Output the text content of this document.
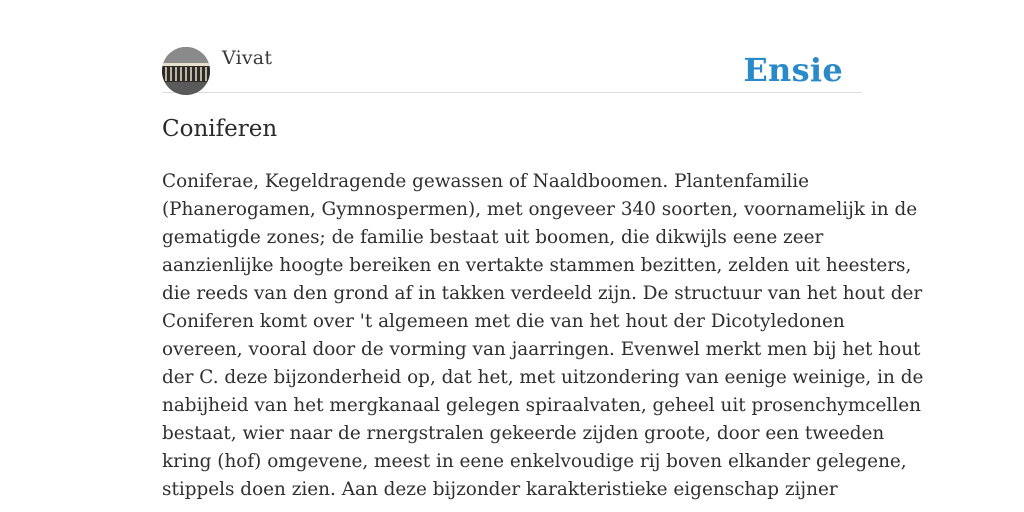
Vivat	Ensie
Coniferen
Coniferae, Kegeldragende gewassen of Naaldboomen. Plantenfamilie
(Phanerogamen, Gymnospermen), met ongeveer 340 soorten, voornamelijk in de
gematigde zones; de familie bestaat uit boomen, die dikwijls eene zeer
aanzienlijke hoogte bereiken en vertakte stammen bezitten, zelden uit heesters,
die reeds van den grond af in takken verdeeld zijn. De structuur van het hout der
Coniferen komt over 't algemeen met die van het hout der Dicotyledonen
overeen, vooral door de vorming van jaarringen. Evenwel merkt men bij het hout
der C. deze bijzonderheid op, dat het, met uitzondering van eenige weinige, in de
nabijheid van het mergkanaal gelegen spiraalvaten, geheel uit prosenchymcellen
bestaat, wier naar de rnergstralen gekeerde zijden groote, door een tweeden
kring (hof) omgevene, meest in eene enkelvoudige rij boven elkander gelegene,
stippels doen zien. Aan deze bijzonder karakteristieke eigenschap zijner
